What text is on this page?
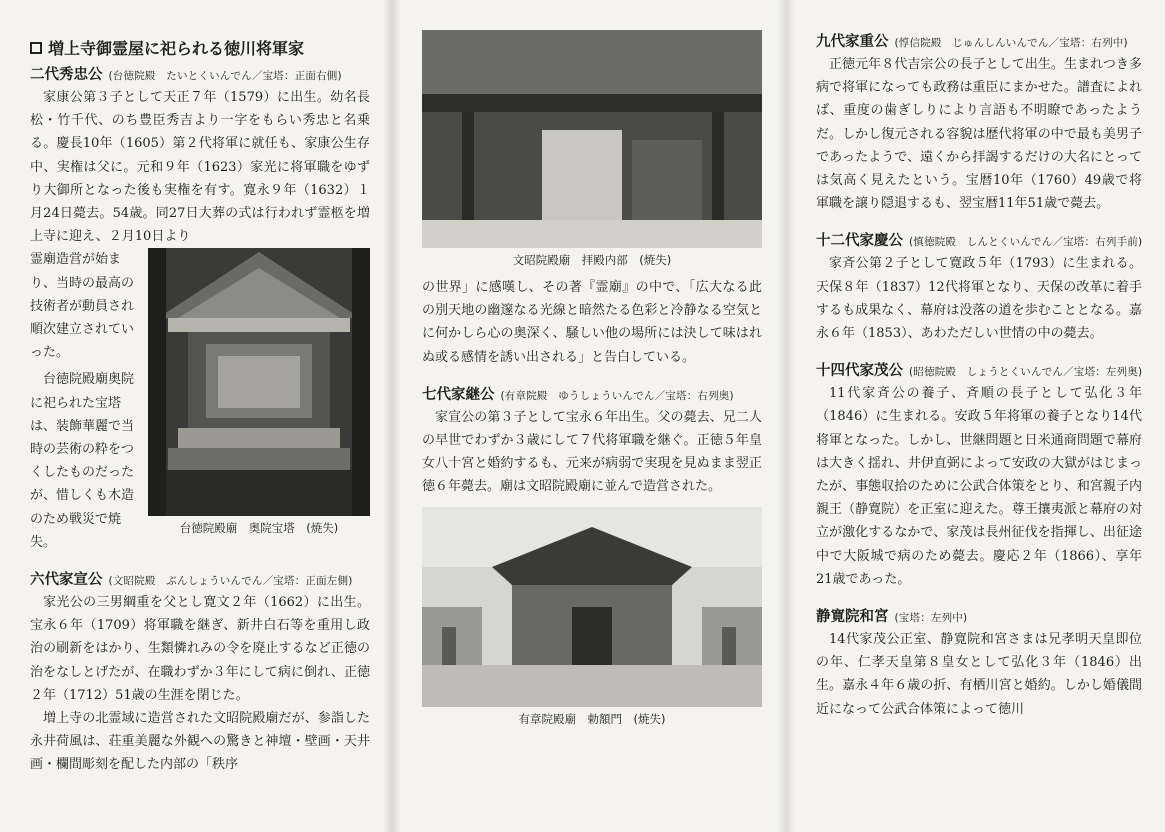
増上寺御霊屋に祀られる徳川将軍家
二代秀忠公 (台徳院殿　たいとくいんでん／宝塔：正面右側)

家康公第３子として天正７年（1579）に出生。幼名長松・竹千代、のち豊臣秀吉より一字をもらい秀忠と名乗る。慶長10年（1605）第２代将軍に就任も、家康公生存中、実権は父に。元和９年（1623）家光に将軍職をゆずり大御所となった後も実権を有す。寛永９年（1632）１月24日薨去。54歳。同27日大葬の式は行われず霊柩を増上寺に迎え、２月10日より

霊廟造営が始まり、当時の最高の技術者が動員され順次建立されていった。
台徳院殿廟奥院に祀られた宝塔は、装飾華麗で当時の芸術の粋をつくしたものだったが、惜しくも木造のため戦災で焼失。
台徳院殿廟　奥院宝塔　(焼失)
六代家宣公 (文昭院殿　ぶんしょういんでん／宝塔：正面左側)

家光公の三男綱重を父とし寛文２年（1662）に出生。宝永６年（1709）将軍職を継ぎ、新井白石等を重用し政治の刷新をはかり、生類憐れみの令を廃止するなど正徳の治をなしとげたが、在職わずか３年にして病に倒れ、正徳２年（1712）51歳の生涯を閉じた。

増上寺の北霊域に造営された文昭院殿廟だが、参詣した永井荷風は、荘重美麗な外観への驚きと神壇・壁画・天井画・欄間彫刻を配した内部の「秩序

文昭院殿廟　拝殿内部　(焼失)

の世界」に感嘆し、その著『霊廟』の中で、「広大なる此の別天地の幽邃なる光線と暗然たる色彩と冷静なる空気とに何かしら心の奥深く、騒しい他の場所には決して味はれぬ或る感情を誘い出される」と告白している。

七代家継公 (有章院殿　ゆうしょういんでん／宝塔：右列奥)

家宣公の第３子として宝永６年出生。父の薨去、兄二人の早世でわずか３歳にして７代将軍職を継ぐ。正徳５年皇女八十宮と婚約するも、元来が病弱で実現を見ぬまま翌正徳６年薨去。廟は文昭院殿廟に並んで造営された。

有章院殿廟　勅額門　(焼失)
九代家重公 (惇信院殿　じゅんしんいんでん／宝塔：右列中)

正徳元年８代吉宗公の長子として出生。生まれつき多病で将軍になっても政務は重臣にまかせた。譜査によれば、重度の歯ぎしりにより言語も不明瞭であったようだ。しかし復元される容貌は歴代将軍の中で最も美男子であったようで、遠くから拝謁するだけの大名にとっては気高く見えたという。宝暦10年（1760）49歳で将軍職を譲り隠退するも、翌宝暦11年51歳で薨去。

十二代家慶公 (慎徳院殿　しんとくいんでん／宝塔：右列手前)

家斉公第２子として寛政５年（1793）に生まれる。天保８年（1837）12代将軍となり、天保の改革に着手するも成果なく、幕府は没落の道を歩むこととなる。嘉永６年（1853）、あわただしい世情の中の薨去。

十四代家茂公 (昭徳院殿　しょうとくいんでん／宝塔：左列奥)

11代家斉公の養子、斉順の長子として弘化３年（1846）に生まれる。安政５年将軍の養子となり14代将軍となった。しかし、世継問題と日米通商問題で幕府は大きく揺れ、井伊直弼によって安政の大獄がはじまったが、事態収拾のために公武合体策をとり、和宮親子内親王（静寛院）を正室に迎えた。尊王攘夷派と幕府の対立が激化するなかで、家茂は長州征伐を指揮し、出征途中で大阪城で病のため薨去。慶応２年（1866）、享年21歳であった。

静寛院和宮 (宝塔：左列中)

14代家茂公正室、静寛院和宮さまは兄孝明天皇即位の年、仁孝天皇第８皇女として弘化３年（1846）出生。嘉永４年６歳の折、有栖川宮と婚約。しかし婚儀間近になって公武合体策によって徳川
